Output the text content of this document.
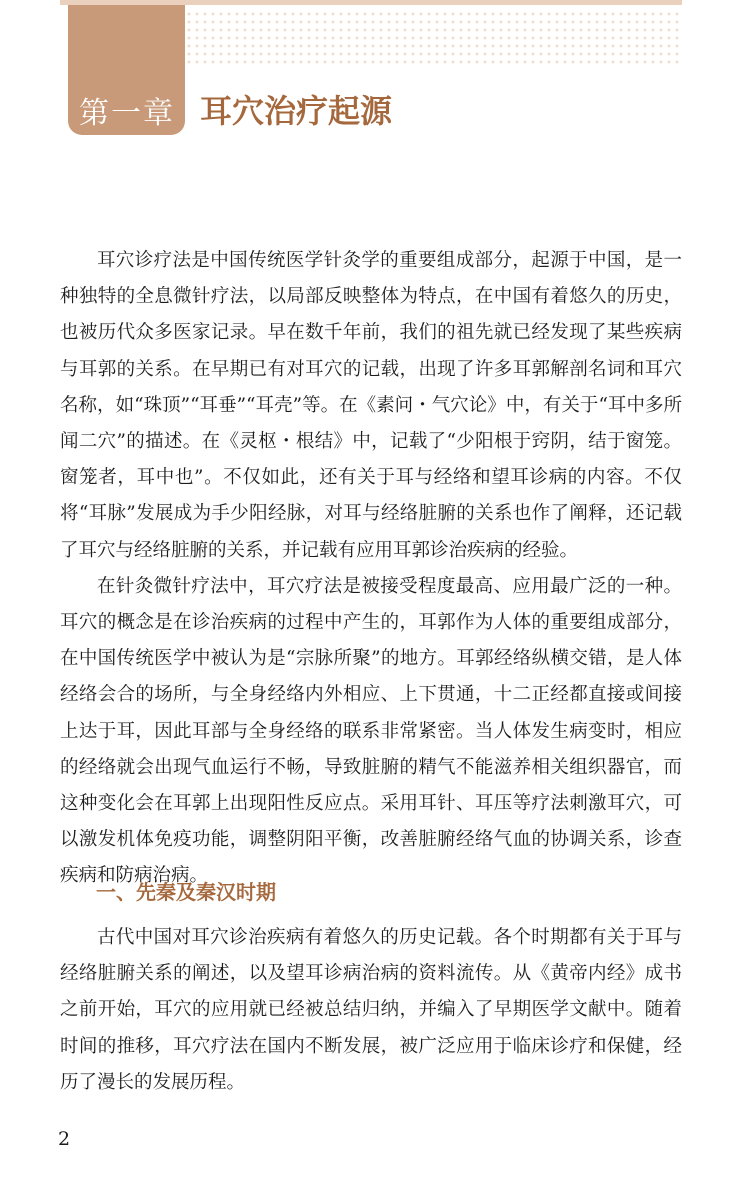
第一章 耳穴治疗起源

耳穴诊疗法是中国传统医学针灸学的重要组成部分，起源于中国，是一种独特的全息微针疗法，以局部反映整体为特点，在中国有着悠久的历史，也被历代众多医家记录。早在数千年前，我们的祖先就已经发现了某些疾病与耳郭的关系。在早期已有对耳穴的记载，出现了许多耳郭解剖名词和耳穴名称，如“珠顶”“耳垂”“耳壳”等。在《素问・气穴论》中，有关于“耳中多所闻二穴”的描述。在《灵枢・根结》中，记载了“少阳根于窍阴，结于窗笼。窗笼者，耳中也”。不仅如此，还有关于耳与经络和望耳诊病的内容。不仅将“耳脉”发展成为手少阳经脉，对耳与经络脏腑的关系也作了阐释，还记载了耳穴与经络脏腑的关系，并记载有应用耳郭诊治疾病的经验。

在针灸微针疗法中，耳穴疗法是被接受程度最高、应用最广泛的一种。耳穴的概念是在诊治疾病的过程中产生的，耳郭作为人体的重要组成部分，在中国传统医学中被认为是“宗脉所聚”的地方。耳郭经络纵横交错，是人体经络会合的场所，与全身经络内外相应、上下贯通，十二正经都直接或间接上达于耳，因此耳部与全身经络的联系非常紧密。当人体发生病变时，相应的经络就会出现气血运行不畅，导致脏腑的精气不能滋养相关组织器官，而这种变化会在耳郭上出现阳性反应点。采用耳针、耳压等疗法刺激耳穴，可以激发机体免疫功能，调整阴阳平衡，改善脏腑经络气血的协调关系，诊查疾病和防病治病。

一、先秦及秦汉时期

古代中国对耳穴诊治疾病有着悠久的历史记载。各个时期都有关于耳与经络脏腑关系的阐述，以及望耳诊病治病的资料流传。从《黄帝内经》成书之前开始，耳穴的应用就已经被总结归纳，并编入了早期医学文献中。随着时间的推移，耳穴疗法在国内不断发展，被广泛应用于临床诊疗和保健，经历了漫长的发展历程。

2
